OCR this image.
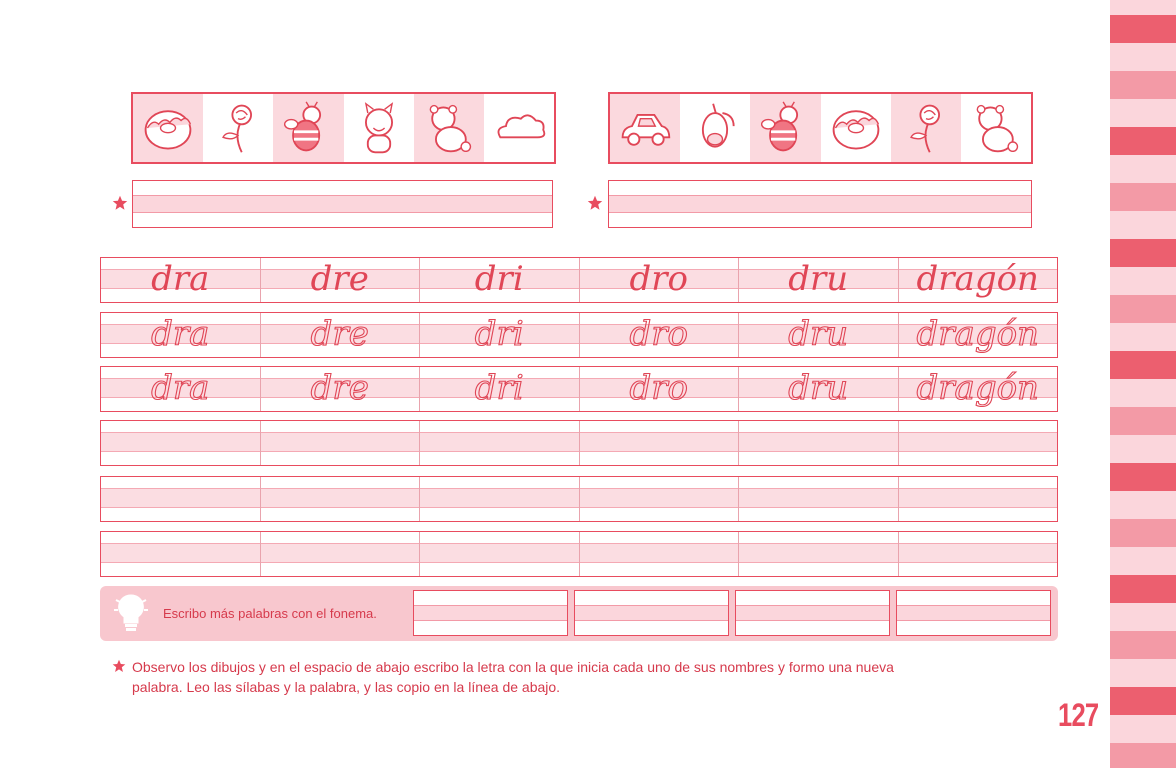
dra	dre	dri	dro	dru	dragón
dra	dre	dri	dro	dru	dragón
dra	dre	dri	dro	dru	dragón
Escribo más palabras con el fonema.
Observo los dibujos y en el espacio de abajo escribo la letra con la que inicia cada uno de sus nombres y formo una nueva
palabra. Leo las sílabas y la palabra, y las copio en la línea de abajo.
127
